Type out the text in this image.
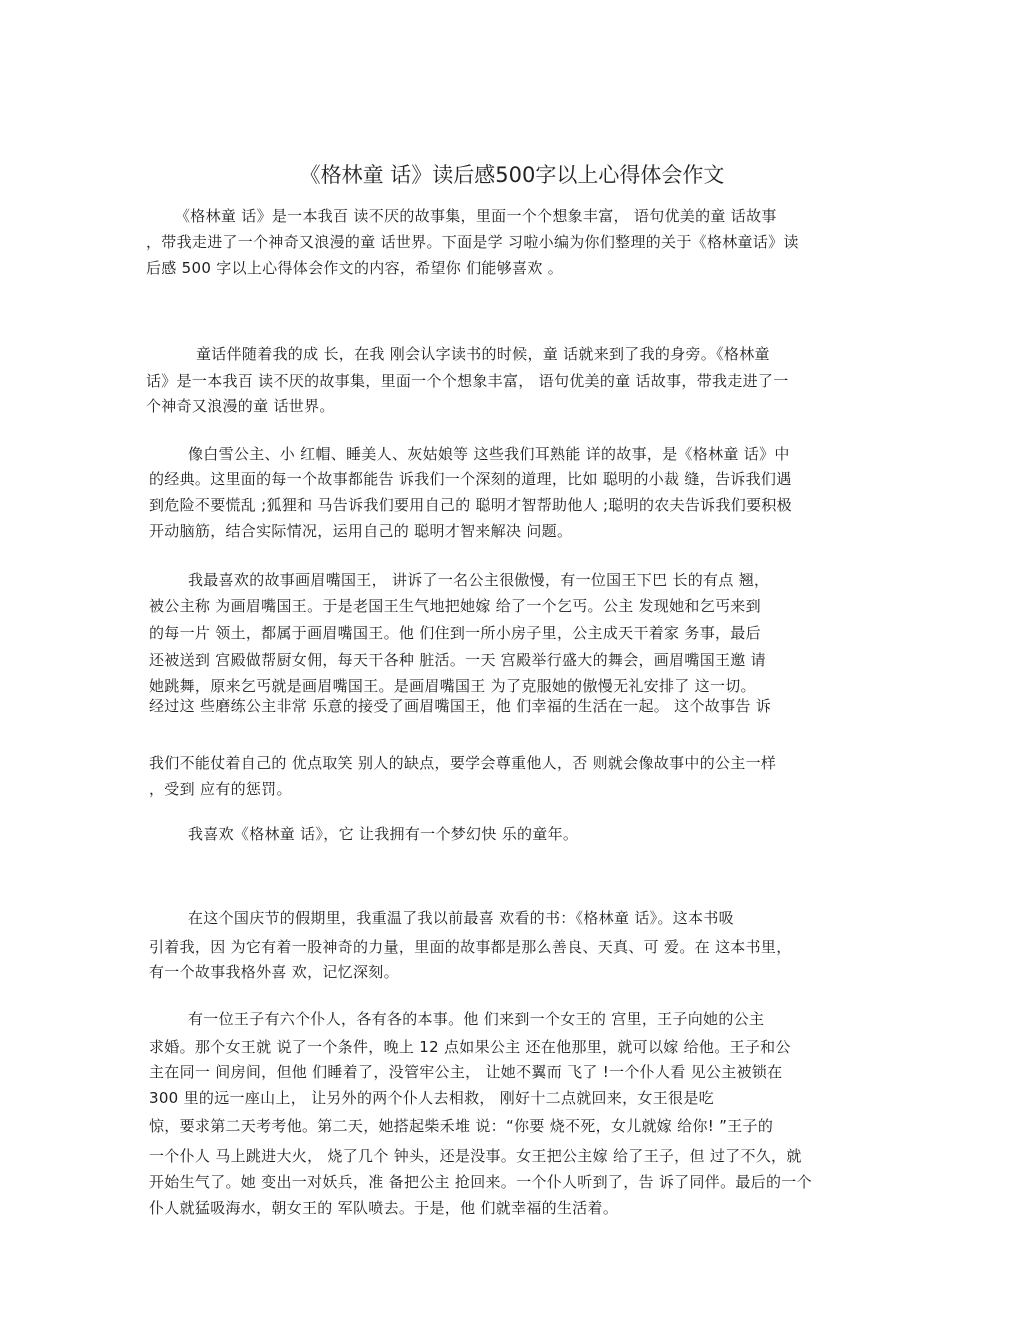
《格林童 话》读后感500字以上心得体会作文
《格林童 话》是一本我百 读不厌的故事集，里面一个个想象丰富， 语句优美的童 话故事
，带我走进了一个神奇又浪漫的童 话世界。下面是学 习啦小编为你们整理的关于《格林童话》读
后感 500 字以上心得体会作文的内容，希望你 们能够喜欢 。
童话伴随着我的成 长，在我 刚会认字读书的时候，童 话就来到了我的身旁。《格林童
话》是一本我百 读不厌的故事集，里面一个个想象丰富， 语句优美的童 话故事，带我走进了一
个神奇又浪漫的童 话世界。
像白雪公主、小 红帽、睡美人、灰姑娘等 这些我们耳熟能 详的故事，是《格林童 话》中
的经典。这里面的每一个故事都能告 诉我们一个深刻的道理，比如 聪明的小裁 缝，告诉我们遇
到危险不要慌乱 ;狐狸和 马告诉我们要用自己的 聪明才智帮助他人 ;聪明的农夫告诉我们要积极
开动脑筋，结合实际情况，运用自己的 聪明才智来解决 问题。
我最喜欢的故事画眉嘴国王， 讲诉了一名公主很傲慢，有一位国王下巴 长的有点 翘，
被公主称 为画眉嘴国王。于是老国王生气地把她嫁 给了一个乞丐。公主 发现她和乞丐来到
的每一片 领土，都属于画眉嘴国王。他 们住到一所小房子里，公主成天干着家 务事，最后
还被送到 宫殿做帮厨女佣，每天干各种 脏活。一天 宫殿举行盛大的舞会，画眉嘴国王邀 请
她跳舞，原来乞丐就是画眉嘴国王。是画眉嘴国王 为了克服她的傲慢无礼安排了 这一切。
经过这 些磨练公主非常 乐意的接受了画眉嘴国王，他 们幸福的生活在一起。 这个故事告 诉
我们不能仗着自己的 优点取笑 别人的缺点，要学会尊重他人，否 则就会像故事中的公主一样
，受到 应有的惩罚。
我喜欢《格林童 话》，它 让我拥有一个梦幻快 乐的童年。
在这个国庆节的假期里，我重温了我以前最喜 欢看的书：《格林童 话》。这本书吸
引着我，因 为它有着一股神奇的力量，里面的故事都是那么善良、天真、可 爱。在 这本书里，
有一个故事我格外喜 欢，记忆深刻。
有一位王子有六个仆人，各有各的本事。他 们来到一个女王的 宫里，王子向她的公主
求婚。那个女王就 说了一个条件，晚上 12 点如果公主 还在他那里，就可以嫁 给他。王子和公
主在同一 间房间，但他 们睡着了，没管牢公主， 让她不翼而 飞了 !一个仆人看 见公主被锁在
300 里的远一座山上， 让另外的两个仆人去相救， 刚好十二点就回来，女王很是吃
惊，要求第二天考考他。第二天，她搭起柴禾堆 说：“你要 烧不死，女儿就嫁 给你! ”王子的
一个仆人 马上跳进大火， 烧了几个 钟头，还是没事。女王把公主嫁 给了王子，但 过了不久，就
开始生气了。她 变出一对妖兵，准 备把公主 抢回来。一个仆人听到了，告 诉了同伴。最后的一个
仆人就猛吸海水，朝女王的 军队喷去。于是，他 们就幸福的生活着。
